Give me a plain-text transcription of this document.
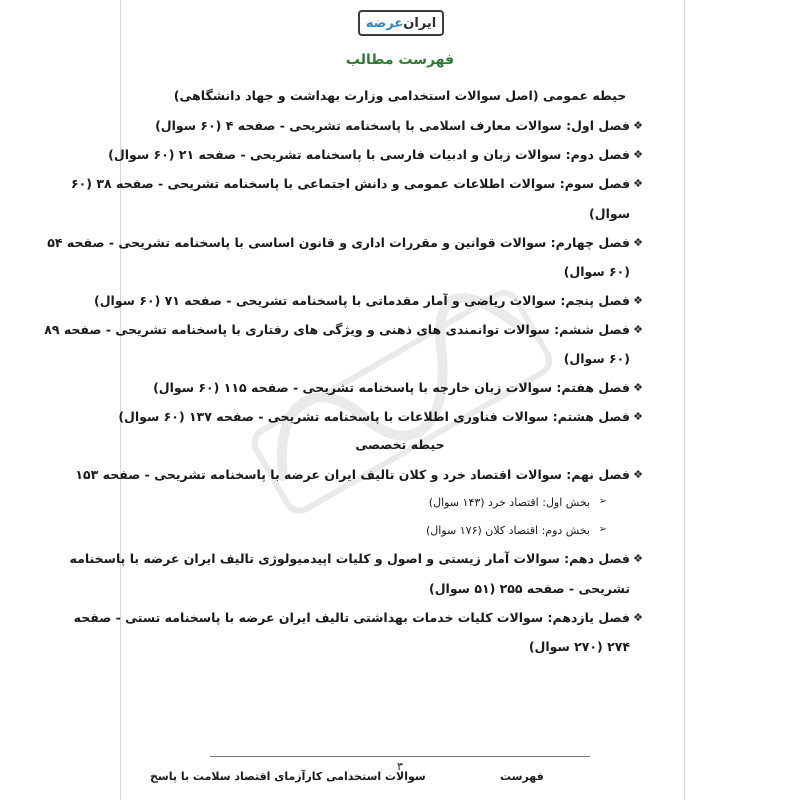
ایران
عرضه
فهرست مطالب
حیطه عمومی (اصل سوالات استخدامی وزارت بهداشت و جهاد دانشگاهی)
❖
فصل اول: سوالات معارف اسلامی با پاسخنامه تشریحی - صفحه ۴ (۶۰ سوال)
❖
فصل دوم: سوالات زبان و ادبیات فارسی با پاسخنامه تشریحی - صفحه ۲۱ (۶۰ سوال)
❖
فصل سوم: سوالات اطلاعات عمومی و دانش اجتماعی با پاسخنامه تشریحی - صفحه ۳۸ (۶۰
سوال)
❖
فصل چهارم: سوالات قوانین و مقررات اداری و قانون اساسی با پاسخنامه تشریحی - صفحه ۵۴
(۶۰ سوال)
❖
فصل پنجم: سوالات ریاضی و آمار مقدماتی با پاسخنامه تشریحی - صفحه ۷۱ (۶۰ سوال)
❖
فصل ششم: سوالات توانمندی های ذهنی و ویژگی های رفتاری با پاسخنامه تشریحی - صفحه ۸۹
(۶۰ سوال)
❖
فصل هفتم: سوالات زبان خارجه با پاسخنامه تشریحی - صفحه ۱۱۵ (۶۰ سوال)
❖
فصل هشتم: سوالات فناوری اطلاعات با پاسخنامه تشریحی - صفحه ۱۳۷ (۶۰ سوال)
حیطه تخصصی
❖
فصل نهم: سوالات اقتصاد خرد و کلان تالیف ایران عرضه با پاسخنامه تشریحی - صفحه ۱۵۳
➢
بخش اول: اقتصاد خرد (۱۴۳ سوال)
➢
بخش دوم: اقتصاد کلان (۱۷۶ سوال)
❖
فصل دهم: سوالات آمار زیستی و اصول و کلیات اپیدمیولوژی تالیف ایران عرضه با پاسخنامه
تشریحی - صفحه ۲۵۵ (۵۱ سوال)
❖
فصل یازدهم: سوالات کلیات خدمات بهداشتی تالیف ایران عرضه با پاسخنامه تستی - صفحه
۲۷۴ (۲۷۰ سوال)
۳
سوالات استخدامی کارآزمای اقتصاد سلامت با پاسخ	فهرست
